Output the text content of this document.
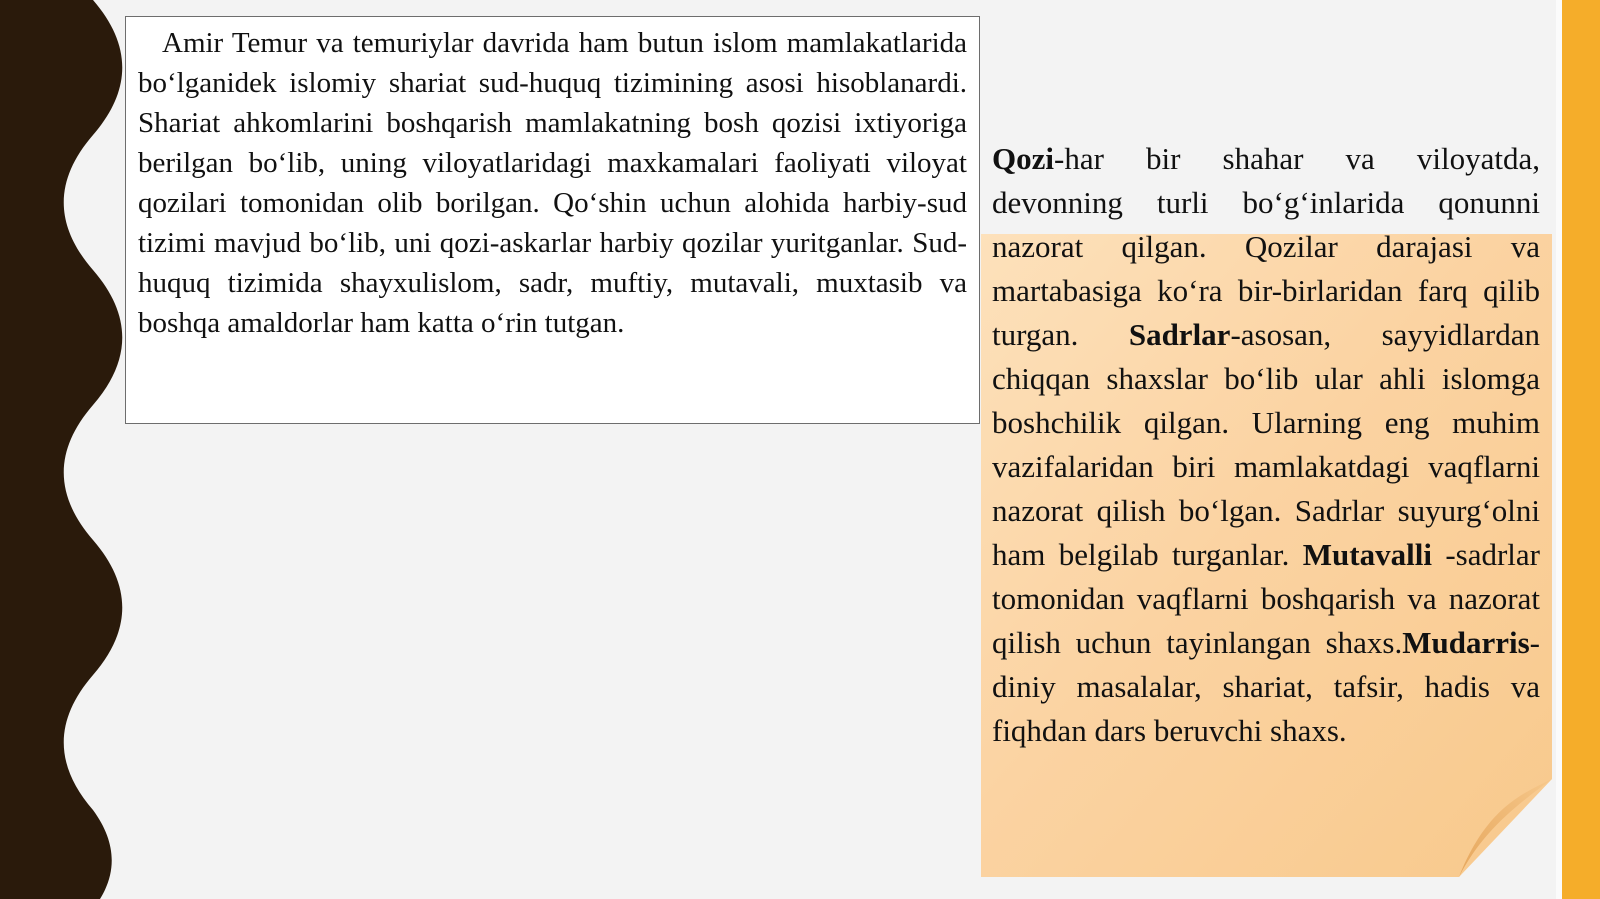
Amir Temur va temuriylar davrida ham butun islom mamlakatlarida bo‘lganidek islomiy shariat sud-huquq tizimining asosi hisoblanardi. Shariat ahkomlarini boshqarish mamlakatning bosh qozisi ixtiyoriga berilgan bo‘lib, uning viloyatlaridagi maxkamalari faoliyati viloyat qozilari tomonidan olib borilgan. Qo‘shin uchun alohida harbiy-sud tizimi mavjud bo‘lib, uni qozi-askarlar harbiy qozilar yuritganlar. Sud-huquq tizimida shayxulislom, sadr, muftiy, mutavali, muxtasib va boshqa amaldorlar ham katta o‘rin tutgan.
Qozi-har bir shahar va viloyatda, devonning turli bo‘g‘inlarida qonunni nazorat qilgan. Qozilar darajasi va martabasiga ko‘ra bir-birlaridan farq qilib turgan. Sadrlar-asosan, sayyidlardan chiqqan shaxslar bo‘lib ular ahli islomga boshchilik qilgan. Ularning eng muhim vazifalaridan biri mamlakatdagi vaqflarni nazorat qilish bo‘lgan. Sadrlar suyurg‘olni ham belgilab turganlar. Mutavalli -sadrlar tomonidan vaqflarni boshqarish va nazorat qilish uchun tayinlangan shaxs.Mudarris-diniy masalalar, shariat, tafsir, hadis va fiqhdan dars beruvchi shaxs.
